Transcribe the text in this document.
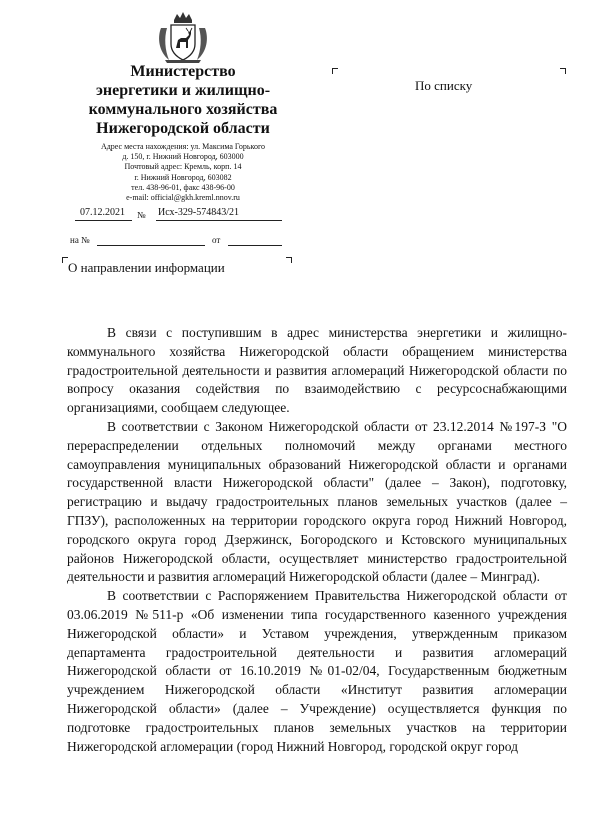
Министерство
энергетики и жилищно-
коммунального хозяйства
Нижегородской области
Адрес места нахождения: ул. Максима Горького
д. 150, г. Нижний Новгород, 603000
Почтовый адрес: Кремль, корп. 14
г. Нижний Новгород, 603082
тел. 438-96-01, факс 438-96-00
e-mail: official@gkh.kreml.nnov.ru
07.12.2021	№ Исх-329-574843/21
на №	от
По списку
О направлении информации

В связи с поступившим в адрес министерства энергетики и жилищно-коммунального хозяйства Нижегородской области обращением министерства градостроительной деятельности и развития агломераций Нижегородской области по вопросу оказания содействия по взаимодействию с ресурсоснабжающими организациями, сообщаем следующее.

В соответствии с Законом Нижегородской области от 23.12.2014 №197-З "О перераспределении отдельных полномочий между органами местного самоуправления муниципальных образований Нижегородской области и органами государственной власти Нижегородской области" (далее – Закон), подготовку, регистрацию и выдачу градостроительных планов земельных участков (далее – ГПЗУ), расположенных на территории городского округа город Нижний Новгород, городского округа город Дзержинск, Богородского и Кстовского муниципальных районов Нижегородской области, осуществляет министерство градостроительной деятельности и развития агломераций Нижегородской области (далее – Минград).

В соответствии с Распоряжением Правительства Нижегородской области от 03.06.2019 №511-р «Об изменении типа государственного казенного учреждения Нижегородской области» и Уставом учреждения, утвержденным приказом департамента градостроительной деятельности и развития агломераций Нижегородской области от 16.10.2019 №01-02/04, Государственным бюджетным учреждением Нижегородской области «Институт развития агломерации Нижегородской области» (далее – Учреждение) осуществляется функция по подготовке градостроительных планов земельных участков на территории Нижегородской агломерации (город Нижний Новгород, городской округ город
